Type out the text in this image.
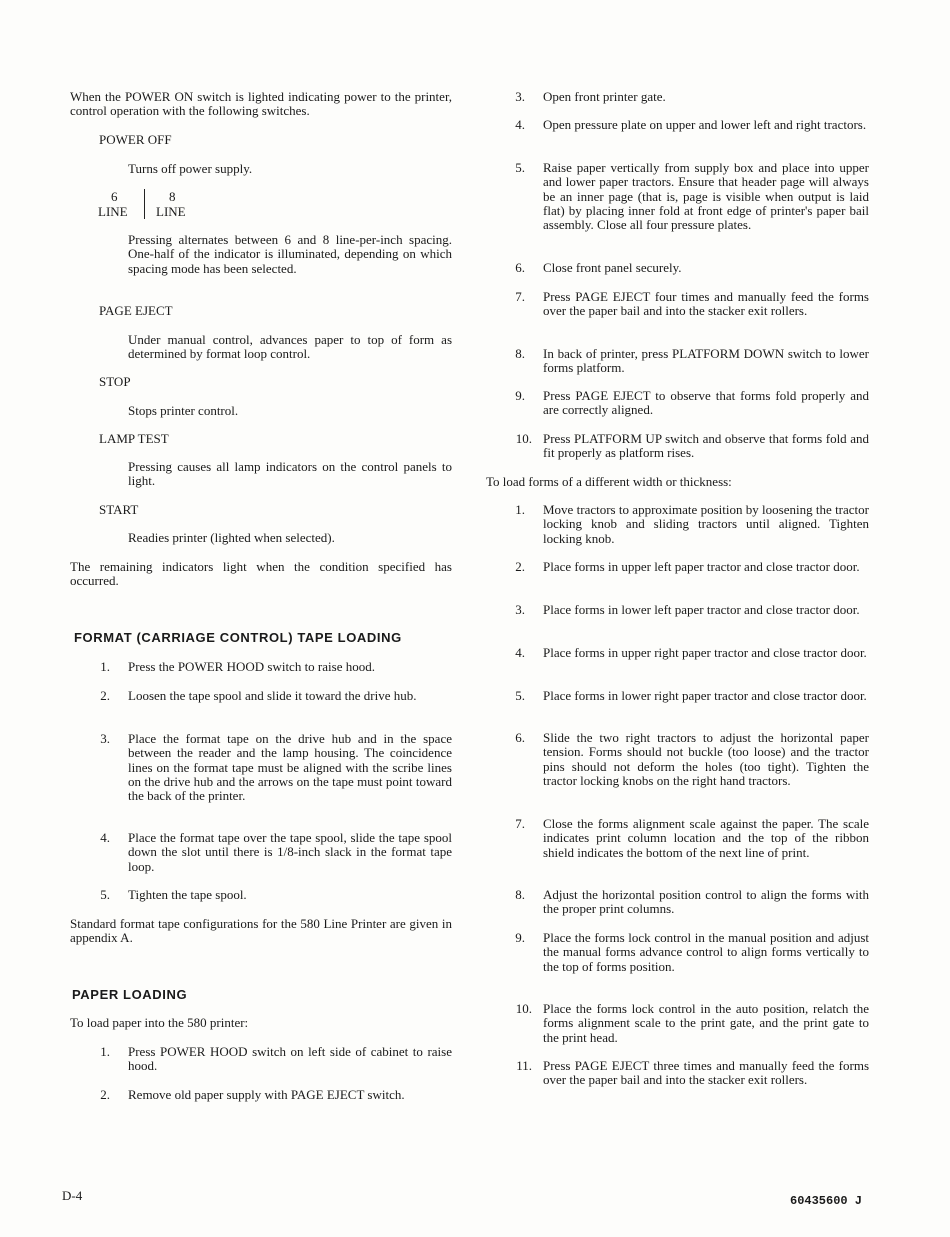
When the POWER ON switch is lighted indicating power to the printer, control operation with the following switches.

POWER OFF
Turns off power supply.
6
LINE
8
LINE

Pressing alternates between 6 and 8 line-per-inch spacing. One-half of the indicator is illuminated, depending on which spacing mode has been selected.

PAGE EJECT

Under manual control, advances paper to top of form as determined by format loop control.

STOP
Stops printer control.
LAMP TEST

Pressing causes all lamp indicators on the control panels to light.

START
Readies printer (lighted when selected).

The remaining indicators light when the condition specified has occurred.

FORMAT (CARRIAGE CONTROL) TAPE LOADING
1. Press the POWER HOOD switch to raise hood.

2. Loosen the tape spool and slide it toward the drive hub.

3. Place the format tape on the drive hub and in the space between the reader and the lamp housing. The coincidence lines on the format tape must be aligned with the scribe lines on the drive hub and the arrows on the tape must point toward the back of the printer.

4. Place the format tape over the tape spool, slide the tape spool down the slot until there is 1/8-inch slack in the format tape loop.

5. Tighten the tape spool.

Standard format tape configurations for the 580 Line Printer are given in appendix A.

PAPER LOADING
To load paper into the 580 printer:
1. Press POWER HOOD switch on left side of cabinet to raise hood.

2. Remove old paper supply with PAGE EJECT switch.

3. Open front printer gate.

4. Open pressure plate on upper and lower left and right tractors.

5. Raise paper vertically from supply box and place into upper and lower paper tractors. Ensure that header page will always be an inner page (that is, page is visible when output is laid flat) by placing inner fold at front edge of printer's paper bail assembly. Close all four pressure plates.

6. Close front panel securely.

7. Press PAGE EJECT four times and manually feed the forms over the paper bail and into the stacker exit rollers.

8. In back of printer, press PLATFORM DOWN switch to lower forms platform.

9. Press PAGE EJECT to observe that forms fold properly and are correctly aligned.

10. Press PLATFORM UP switch and observe that forms fold and fit properly as platform rises.

To load forms of a different width or thickness:
1. Move tractors to approximate position by loosening the tractor locking knob and sliding tractors until aligned. Tighten locking knob.

2. Place forms in upper left paper tractor and close tractor door.

3. Place forms in lower left paper tractor and close tractor door.

4. Place forms in upper right paper tractor and close tractor door.

5. Place forms in lower right paper tractor and close tractor door.

6. Slide the two right tractors to adjust the horizontal paper tension. Forms should not buckle (too loose) and the tractor pins should not deform the holes (too tight). Tighten the tractor locking knobs on the right hand tractors.

7. Close the forms alignment scale against the paper. The scale indicates print column location and the top of the ribbon shield indicates the bottom of the next line of print.

8. Adjust the horizontal position control to align the forms with the proper print columns.

9. Place the forms lock control in the manual position and adjust the manual forms advance control to align forms vertically to the top of forms position.

10. Place the forms lock control in the auto position, relatch the forms alignment scale to the print gate, and the print gate to the print head.

11. Press PAGE EJECT three times and manually feed the forms over the paper bail and into the stacker exit rollers.

D-4	60435600 J
